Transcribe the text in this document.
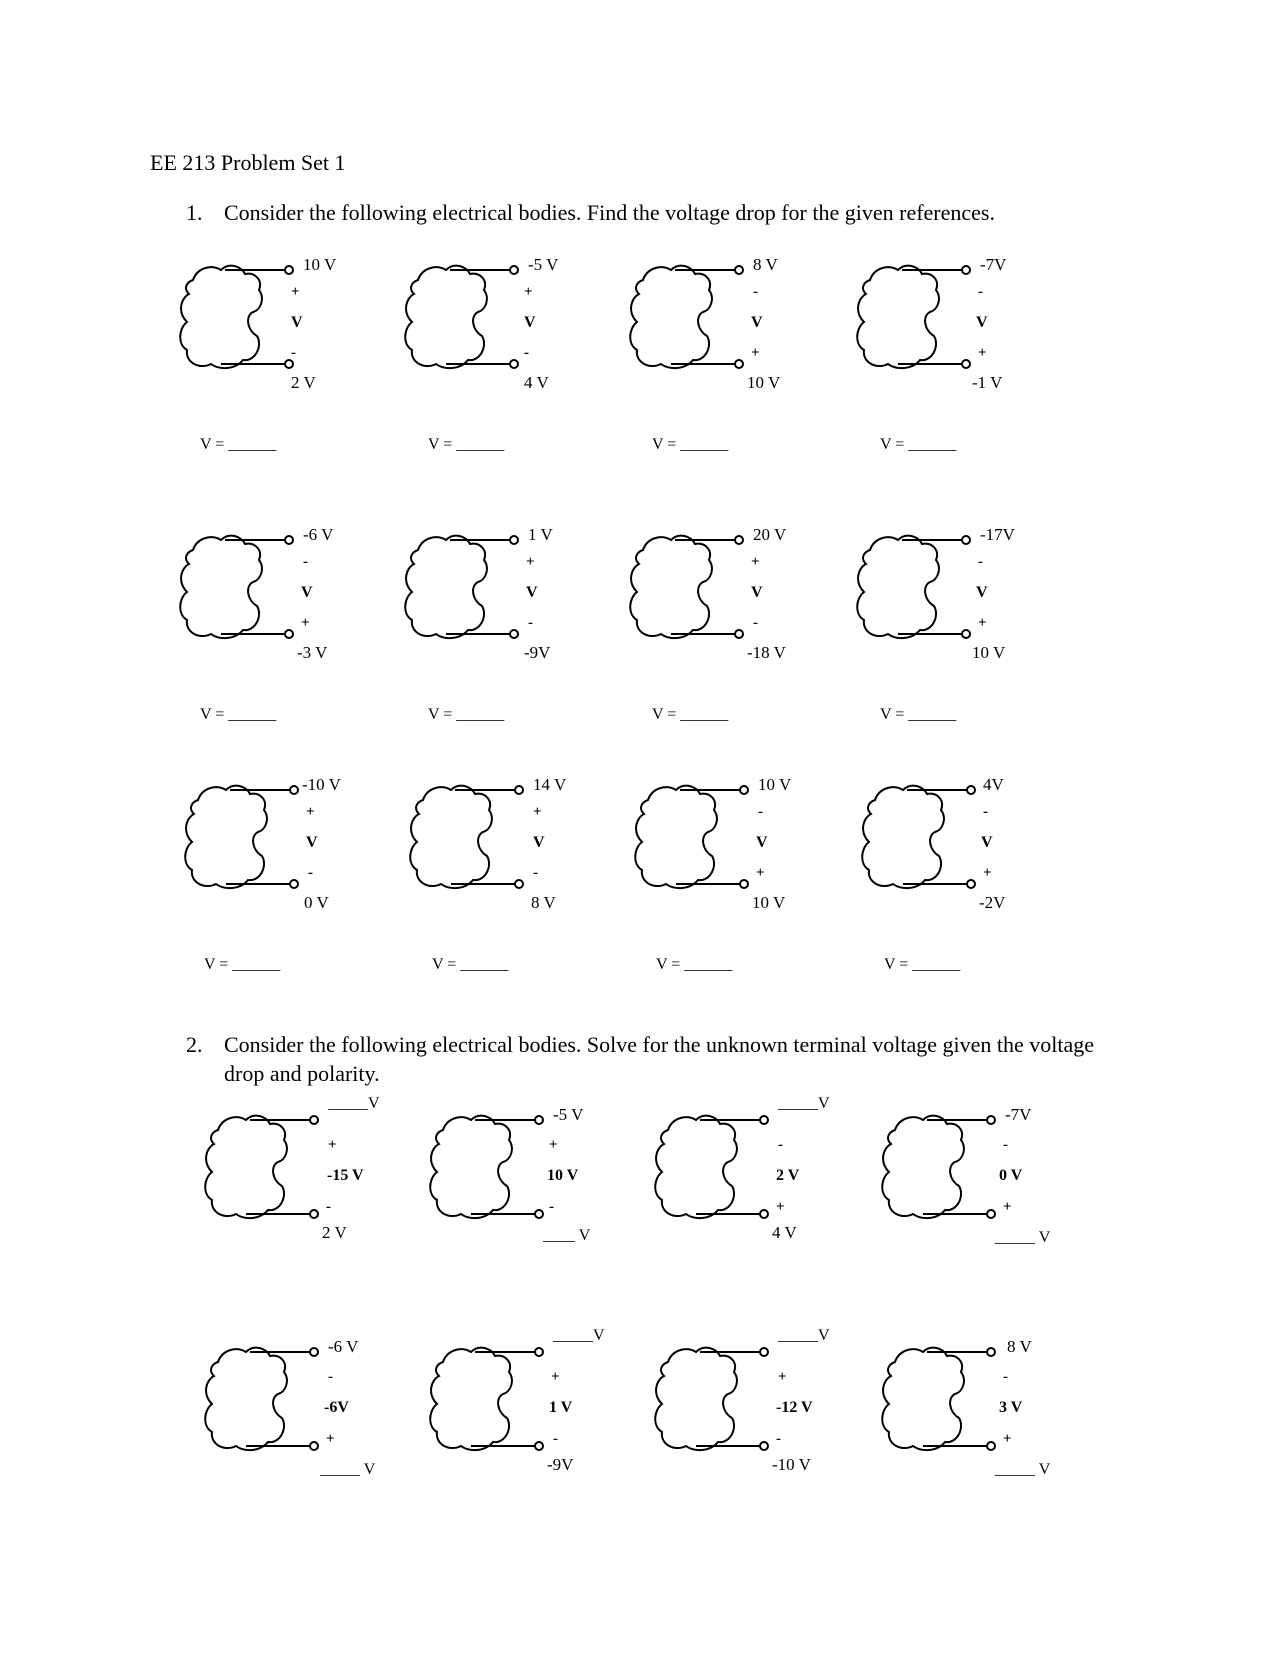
EE 213 Problem Set 1
1. Consider the following electrical bodies. Find the voltage drop for the given references.
10 V
+
V
-
2 V
-5 V
+
V
-
4 V
8 V
-
V
+
10 V
-7V
-
V
+
-1 V
V = ______	V = ______	V = ______	V = ______
-6 V
-
V
+
-3 V
1 V
+
V
-
-9V
20 V
+
V
-
-18 V
-17V
-
V
+
10 V
V = ______	V = ______	V = ______	V = ______
-10 V
+
V
-
0 V
14 V
+
V
-
8 V
10 V
-
V
+
10 V
4V
-
V
+
-2V
V = ______	V = ______	V = ______	V = ______
2. Consider the following electrical bodies. Solve for the unknown terminal voltage given the voltage drop and polarity.
_____V
+
-15 V
-
2 V
-5 V
+
10 V
-
____ V
_____V
-
2 V
+
4 V
-7V
-
0 V
+
_____ V
-6 V
-
-6V
+
_____ V
_____V
+
1 V
-
-9V
_____V
+
-12 V
-
-10 V
8 V
-
3 V
+
_____ V
